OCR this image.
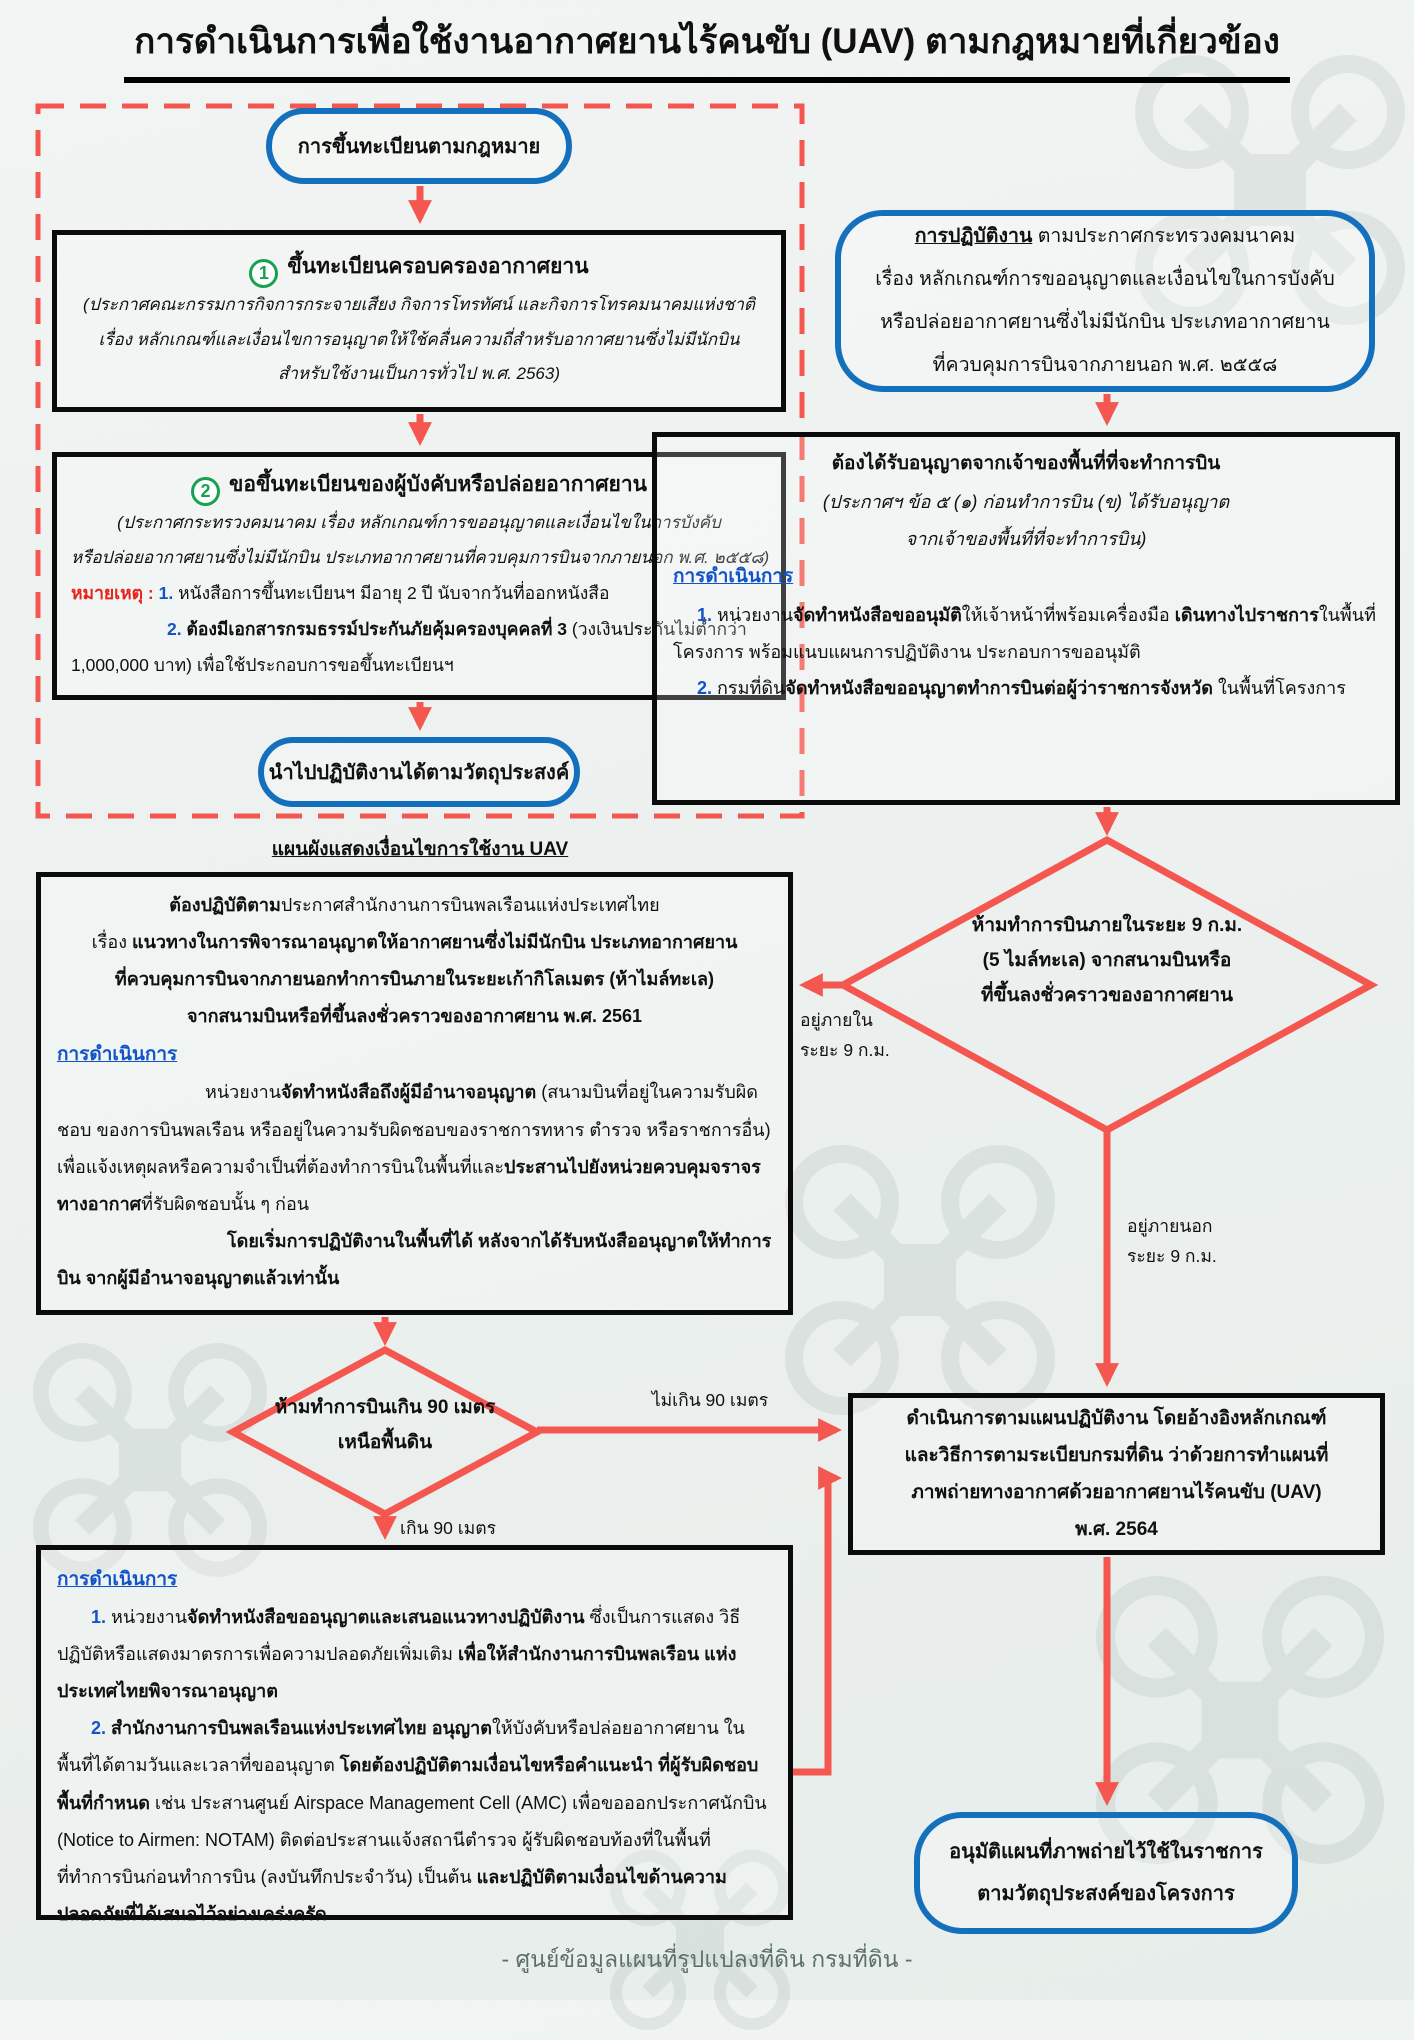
การดำเนินการเพื่อใช้งานอากาศยานไร้คนขับ (UAV) ตามกฎหมายที่เกี่ยวข้อง
การขึ้นทะเบียนตามกฎหมาย
1 ขึ้นทะเบียนครอบครองอากาศยาน
(ประกาศคณะกรรมการกิจการกระจายเสียง กิจการโทรทัศน์ และกิจการโทรคมนาคมแห่งชาติ
เรื่อง หลักเกณฑ์และเงื่อนไขการอนุญาตให้ใช้คลื่นความถี่สำหรับอากาศยานซึ่งไม่มีนักบิน
สำหรับใช้งานเป็นการทั่วไป พ.ศ. 2563)
2 ขอขึ้นทะเบียนของผู้บังคับหรือปล่อยอากาศยาน
(ประกาศกระทรวงคมนาคม เรื่อง หลักเกณฑ์การขออนุญาตและเงื่อนไขในการบังคับ
หรือปล่อยอากาศยานซึ่งไม่มีนักบิน ประเภทอากาศยานที่ควบคุมการบินจากภายนอก พ.ศ. ๒๕๕๘)
หมายเหตุ : 1. หนังสือการขึ้นทะเบียนฯ มีอายุ 2 ปี นับจากวันที่ออกหนังสือ
2. ต้องมีเอกสารกรมธรรม์ประกันภัยคุ้มครองบุคคลที่ 3 (วงเงินประกันไม่ต่ำกว่า
1,000,000 บาท) เพื่อใช้ประกอบการขอขึ้นทะเบียนฯ
นำไปปฏิบัติงานได้ตามวัตถุประสงค์
แผนผังแสดงเงื่อนไขการใช้งาน UAV
การปฏิบัติงาน ตามประกาศกระทรวงคมนาคม
เรื่อง หลักเกณฑ์การขออนุญาตและเงื่อนไขในการบังคับ
หรือปล่อยอากาศยานซึ่งไม่มีนักบิน ประเภทอากาศยาน
ที่ควบคุมการบินจากภายนอก พ.ศ. ๒๕๕๘
ต้องได้รับอนุญาตจากเจ้าของพื้นที่ที่จะทำการบิน
(ประกาศฯ ข้อ ๕ (๑) ก่อนทำการบิน (ข) ได้รับอนุญาต
จากเจ้าของพื้นที่ที่จะทำการบิน)
การดำเนินการ
1. หน่วยงานจัดทำหนังสือขออนุมัติให้เจ้าหน้าที่พร้อมเครื่องมือ เดินทางไปราชการในพื้นที่โครงการ พร้อมแนบแผนการปฏิบัติงาน ประกอบการขออนุมัติ
2. กรมที่ดินจัดทำหนังสือขออนุญาตทำการบินต่อผู้ว่าราชการจังหวัด ในพื้นที่โครงการ
ห้ามทำการบินภายในระยะ 9 ก.ม.
(5 ไมล์ทะเล) จากสนามบินหรือ
ที่ขึ้นลงชั่วคราวของอากาศยาน
อยู่ภายใน
ระยะ 9 ก.ม.
อยู่ภายนอก
ระยะ 9 ก.ม.
ต้องปฏิบัติตามประกาศสำนักงานการบินพลเรือนแห่งประเทศไทย
เรื่อง แนวทางในการพิจารณาอนุญาตให้อากาศยานซึ่งไม่มีนักบิน ประเภทอากาศยาน
ที่ควบคุมการบินจากภายนอกทำการบินภายในระยะเก้ากิโลเมตร (ห้าไมล์ทะเล)
จากสนามบินหรือที่ขึ้นลงชั่วคราวของอากาศยาน พ.ศ. 2561
การดำเนินการ
หน่วยงานจัดทำหนังสือถึงผู้มีอำนาจอนุญาต (สนามบินที่อยู่ในความรับผิดชอบ ของการบินพลเรือน หรืออยู่ในความรับผิดชอบของราชการทหาร ตำรวจ หรือราชการอื่น) เพื่อแจ้งเหตุผลหรือความจำเป็นที่ต้องทำการบินในพื้นที่และประสานไปยังหน่วยควบคุมจราจรทางอากาศที่รับผิดชอบนั้น ๆ ก่อน
โดยเริ่มการปฏิบัติงานในพื้นที่ได้ หลังจากได้รับหนังสืออนุญาตให้ทำการบิน จากผู้มีอำนาจอนุญาตแล้วเท่านั้น
ห้ามทำการบินเกิน 90 เมตร
เหนือพื้นดิน
ไม่เกิน 90 เมตร
เกิน 90 เมตร
ดำเนินการตามแผนปฏิบัติงาน โดยอ้างอิงหลักเกณฑ์
และวิธีการตามระเบียบกรมที่ดิน ว่าด้วยการทำแผนที่
ภาพถ่ายทางอากาศด้วยอากาศยานไร้คนขับ (UAV)
พ.ศ. 2564
การดำเนินการ
1. หน่วยงานจัดทำหนังสือขออนุญาตและเสนอแนวทางปฏิบัติงาน ซึ่งเป็นการแสดง วิธีปฏิบัติหรือแสดงมาตรการเพื่อความปลอดภัยเพิ่มเติม เพื่อให้สำนักงานการบินพลเรือน แห่งประเทศไทยพิจารณาอนุญาต
2. สำนักงานการบินพลเรือนแห่งประเทศไทย อนุญาตให้บังคับหรือปล่อยอากาศยาน ในพื้นที่ได้ตามวันและเวลาที่ขออนุญาต โดยต้องปฏิบัติตามเงื่อนไขหรือคำแนะนำ ที่ผู้รับผิดชอบพื้นที่กำหนด เช่น ประสานศูนย์ Airspace Management Cell (AMC) เพื่อขอออกประกาศนักบิน (Notice to Airmen: NOTAM) ติดต่อประสานแจ้งสถานีตำรวจ ผู้รับผิดชอบท้องที่ในพื้นที่ที่ทำการบินก่อนทำการบิน (ลงบันทึกประจำวัน) เป็นต้น และปฏิบัติตามเงื่อนไขด้านความปลอดภัยที่ได้เสนอไว้อย่างเคร่งครัด
อนุมัติแผนที่ภาพถ่ายไว้ใช้ในราชการ
ตามวัตถุประสงค์ของโครงการ
- ศูนย์ข้อมูลแผนที่รูปแปลงที่ดิน กรมที่ดิน -
